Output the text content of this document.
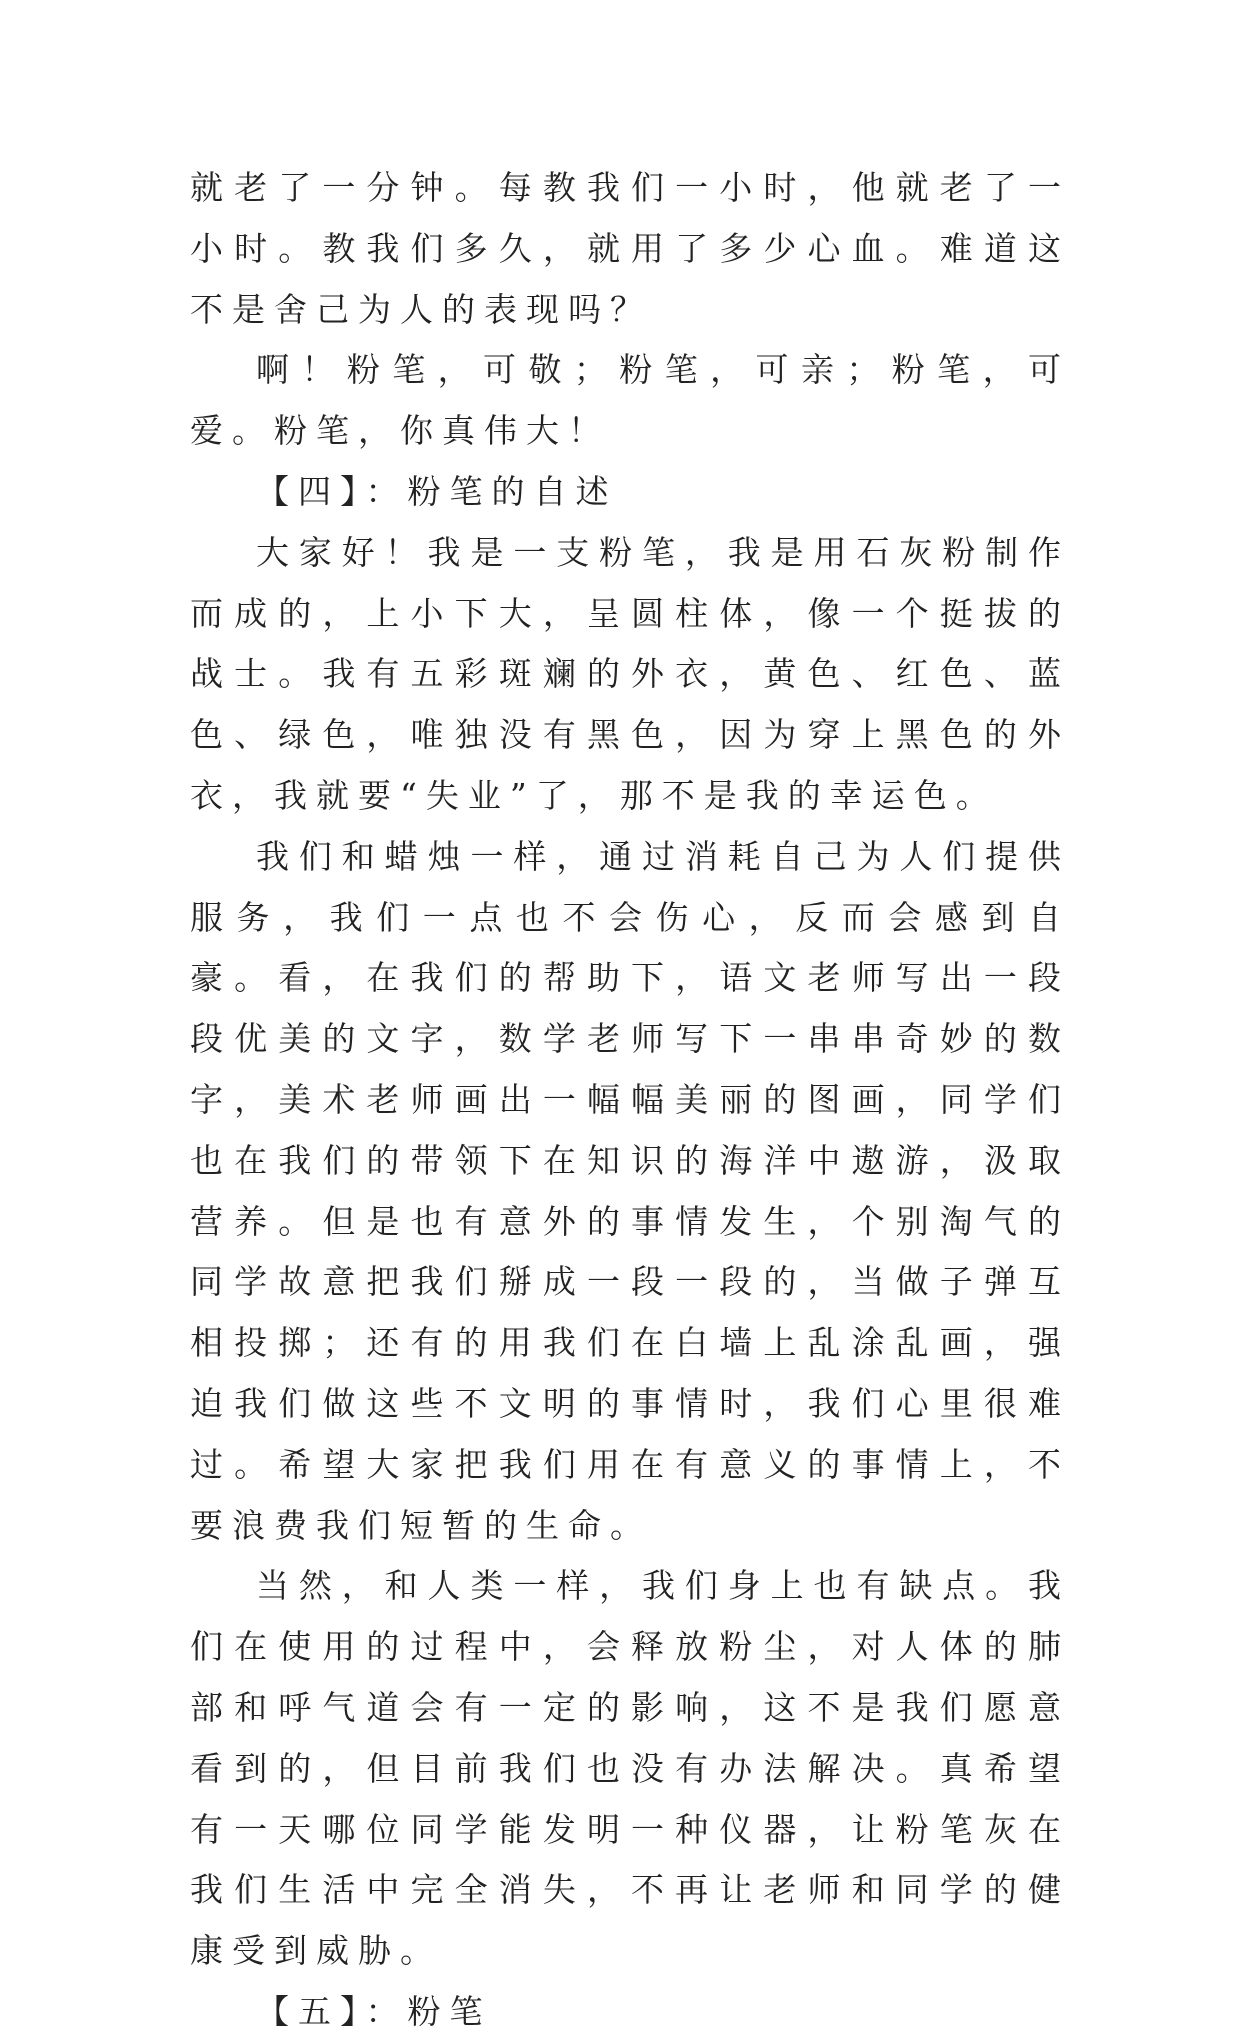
就老了一分钟。每教我们一小时，他就老了一小时。教我们多久，就用了多少心血。难道这不是舍己为人的表现吗？

啊！粉笔，可敬；粉笔，可亲；粉笔，可爱。粉笔，你真伟大！

【四】：粉笔的自述

大家好！我是一支粉笔，我是用石灰粉制作而成的，上小下大，呈圆柱体，像一个挺拔的战士。我有五彩斑斓的外衣，黄色、红色、蓝色、绿色，唯独没有黑色，因为穿上黑色的外衣，我就要“失业”了，那不是我的幸运色。

我们和蜡烛一样，通过消耗自己为人们提供服务，我们一点也不会伤心，反而会感到自豪。看，在我们的帮助下，语文老师写出一段段优美的文字，数学老师写下一串串奇妙的数字，美术老师画出一幅幅美丽的图画，同学们也在我们的带领下在知识的海洋中遨游，汲取营养。但是也有意外的事情发生，个别淘气的同学故意把我们掰成一段一段的，当做子弹互相投掷；还有的用我们在白墙上乱涂乱画，强迫我们做这些不文明的事情时，我们心里很难过。希望大家把我们用在有意义的事情上，不要浪费我们短暂的生命。

当然，和人类一样，我们身上也有缺点。我们在使用的过程中，会释放粉尘，对人体的肺部和呼气道会有一定的影响，这不是我们愿意看到的，但目前我们也没有办法解决。真希望有一天哪位同学能发明一种仪器，让粉笔灰在我们生活中完全消失，不再让老师和同学的健康受到威胁。

【五】：粉笔
